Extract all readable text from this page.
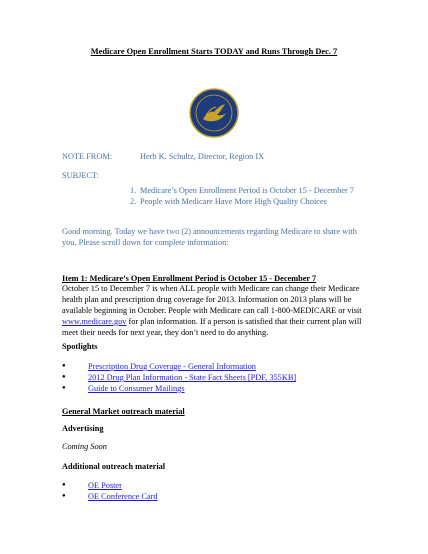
Medicare Open Enrollment Starts TODAY and Runs Through Dec. 7
NOTE FROM:	Herb K. Schultz, Director, Region IX
SUBJECT:
1. Medicare’s Open Enrollment Period is October 15 - December 7
2. People with Medicare Have More High Quality Choices
Good morning. Today we have two (2) announcements regarding Medicare to share with you. Please scroll down for complete information:
Item 1: Medicare’s Open Enrollment Period is October 15 - December 7
October 15 to December 7 is when ALL people with Medicare can change their Medicare health plan and prescription drug coverage for 2013. Information on 2013 plans will be available beginning in October. People with Medicare can call 1-800-MEDICARE or visit www.medicare.gov for plan information. If a person is satisfied that their current plan will meet their needs for next year, they don’t need to do anything.
Spotlights
●	Prescription Drug Coverage - General Information
●	2012 Drug Plan Information - State Fact Sheets [PDF, 355KB]
●	Guide to Consumer Mailings
General Market outreach material
Advertising
Coming Soon
Additional outreach material
●	OE Poster
●	OE Conference Card
